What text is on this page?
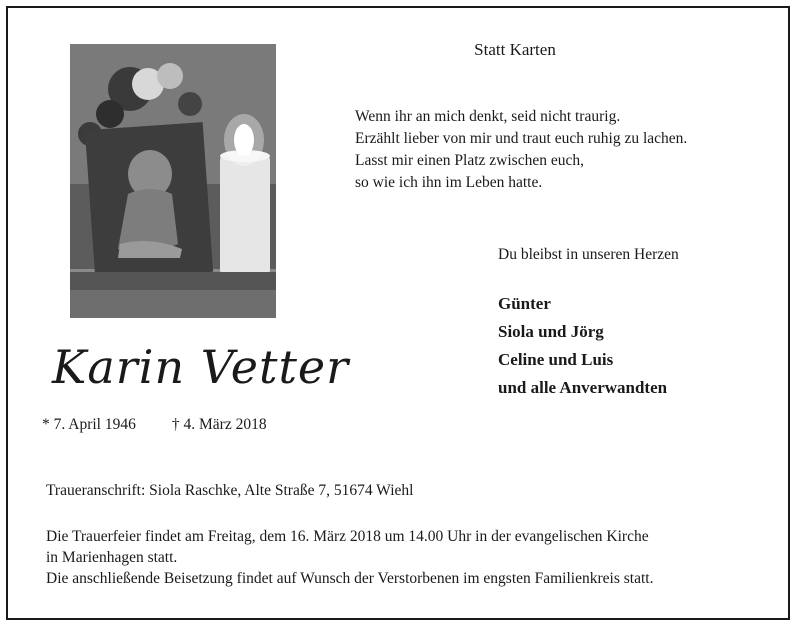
Statt Karten
Wenn ihr an mich denkt, seid nicht traurig.
Erzählt lieber von mir und traut euch ruhig zu lachen.
Lasst mir einen Platz zwischen euch,
so wie ich ihn im Leben hatte.
Du bleibst in unseren Herzen
Günter
Siola und Jörg
Celine und Luis
und alle Anverwandten
Karin Vetter
* 7. April 1946 † 4. März 2018
Traueranschrift: Siola Raschke, Alte Straße 7, 51674 Wiehl
Die Trauerfeier findet am Freitag, dem 16. März 2018 um 14.00 Uhr in der evangelischen Kirche
in Marienhagen statt.
Die anschließende Beisetzung findet auf Wunsch der Verstorbenen im engsten Familienkreis statt.
